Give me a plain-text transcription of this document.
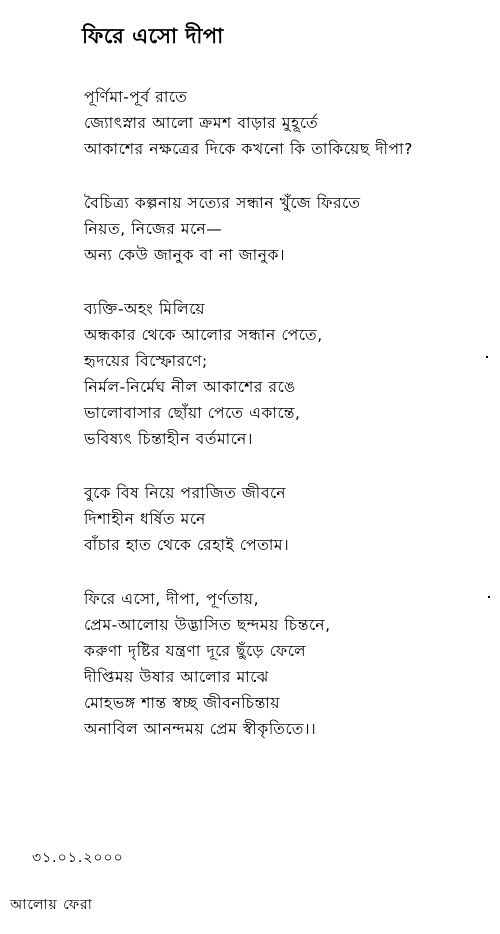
ফিরে এসো দীপা
পূর্ণিমা-পূর্ব রাতে
জ্যোৎস্নার আলো ক্রমশ বাড়ার মুহূর্তে
আকাশের নক্ষত্রের দিকে কখনো কি তাকিয়েছ দীপা?
বৈচিত্র্য কল্পনায় সত্যের সন্ধান খুঁজে ফিরতে
নিয়ত, নিজের মনে—
অন্য কেউ জানুক বা না জানুক।
ব্যক্তি-অহং মিলিয়ে
অন্ধকার থেকে আলোর সন্ধান পেতে,
হৃদয়ের বিস্ফোরণে;
নির্মল-নির্মেঘ নীল আকাশের রঙে
ভালোবাসার ছোঁয়া পেতে একান্তে,
ভবিষ্যৎ চিন্তাহীন বর্তমানে।
বুকে বিষ নিয়ে পরাজিত জীবনে
দিশাহীন ধর্ষিত মনে
বাঁচার হাত থেকে রেহাই পেতাম।
ফিরে এসো, দীপা, পূর্ণতায়,
প্রেম-আলোয় উদ্ভাসিত ছন্দময় চিন্তনে,
করুণা দৃষ্টির যন্ত্রণা দূরে ছুঁড়ে ফেলে
দীপ্তিময় উষার আলোর মাঝে
মোহভঙ্গ শান্ত স্বচ্ছ জীবনচিন্তায়
অনাবিল আনন্দময় প্রেম স্বীকৃতিতে।।
৩১.০১.২০০০
আলোয় ফেরা
